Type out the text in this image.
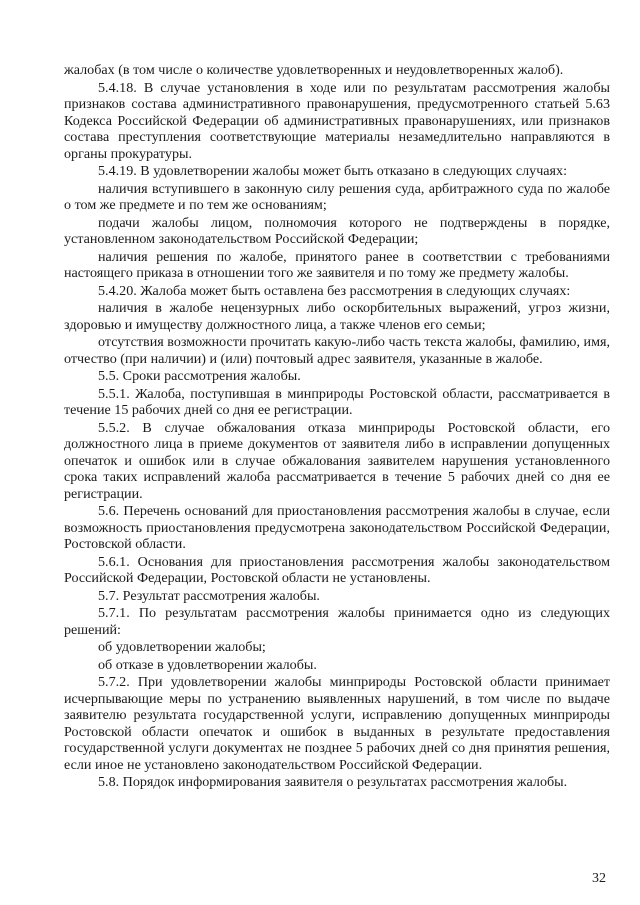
жалобах (в том числе о количестве удовлетворенных и неудовлетворенных жалоб).

5.4.18. В случае установления в ходе или по результатам рассмотрения жалобы признаков состава административного правонарушения, предусмотренного статьей 5.63 Кодекса Российской Федерации об административных правонарушениях, или признаков состава преступления соответствующие материалы незамедлительно направляются в органы прокуратуры.

5.4.19. В удовлетворении жалобы может быть отказано в следующих случаях:

наличия вступившего в законную силу решения суда, арбитражного суда по жалобе о том же предмете и по тем же основаниям;

подачи жалобы лицом, полномочия которого не подтверждены в порядке, установленном законодательством Российской Федерации;

наличия решения по жалобе, принятого ранее в соответствии с требованиями настоящего приказа в отношении того же заявителя и по тому же предмету жалобы.

5.4.20. Жалоба может быть оставлена без рассмотрения в следующих случаях:

наличия в жалобе нецензурных либо оскорбительных выражений, угроз жизни, здоровью и имуществу должностного лица, а также членов его семьи;

отсутствия возможности прочитать какую-либо часть текста жалобы, фамилию, имя, отчество (при наличии) и (или) почтовый адрес заявителя, указанные в жалобе.

5.5. Сроки рассмотрения жалобы.

5.5.1. Жалоба, поступившая в минприроды Ростовской области, рассматривается в течение 15 рабочих дней со дня ее регистрации.

5.5.2. В случае обжалования отказа минприроды Ростовской области, его должностного лица в приеме документов от заявителя либо в исправлении допущенных опечаток и ошибок или в случае обжалования заявителем нарушения установленного срока таких исправлений жалоба рассматривается в течение 5 рабочих дней со дня ее регистрации.

5.6. Перечень оснований для приостановления рассмотрения жалобы в случае, если возможность приостановления предусмотрена законодательством Российской Федерации, Ростовской области.

5.6.1. Основания для приостановления рассмотрения жалобы законодательством Российской Федерации, Ростовской области не установлены.

5.7. Результат рассмотрения жалобы.

5.7.1. По результатам рассмотрения жалобы принимается одно из следующих решений:

об удовлетворении жалобы;

об отказе в удовлетворении жалобы.

5.7.2. При удовлетворении жалобы минприроды Ростовской области принимает исчерпывающие меры по устранению выявленных нарушений, в том числе по выдаче заявителю результата государственной услуги, исправлению допущенных минприроды Ростовской области опечаток и ошибок в выданных в результате предоставления государственной услуги документах не позднее 5 рабочих дней со дня принятия решения, если иное не установлено законодательством Российской Федерации.

5.8. Порядок информирования заявителя о результатах рассмотрения жалобы.

32
